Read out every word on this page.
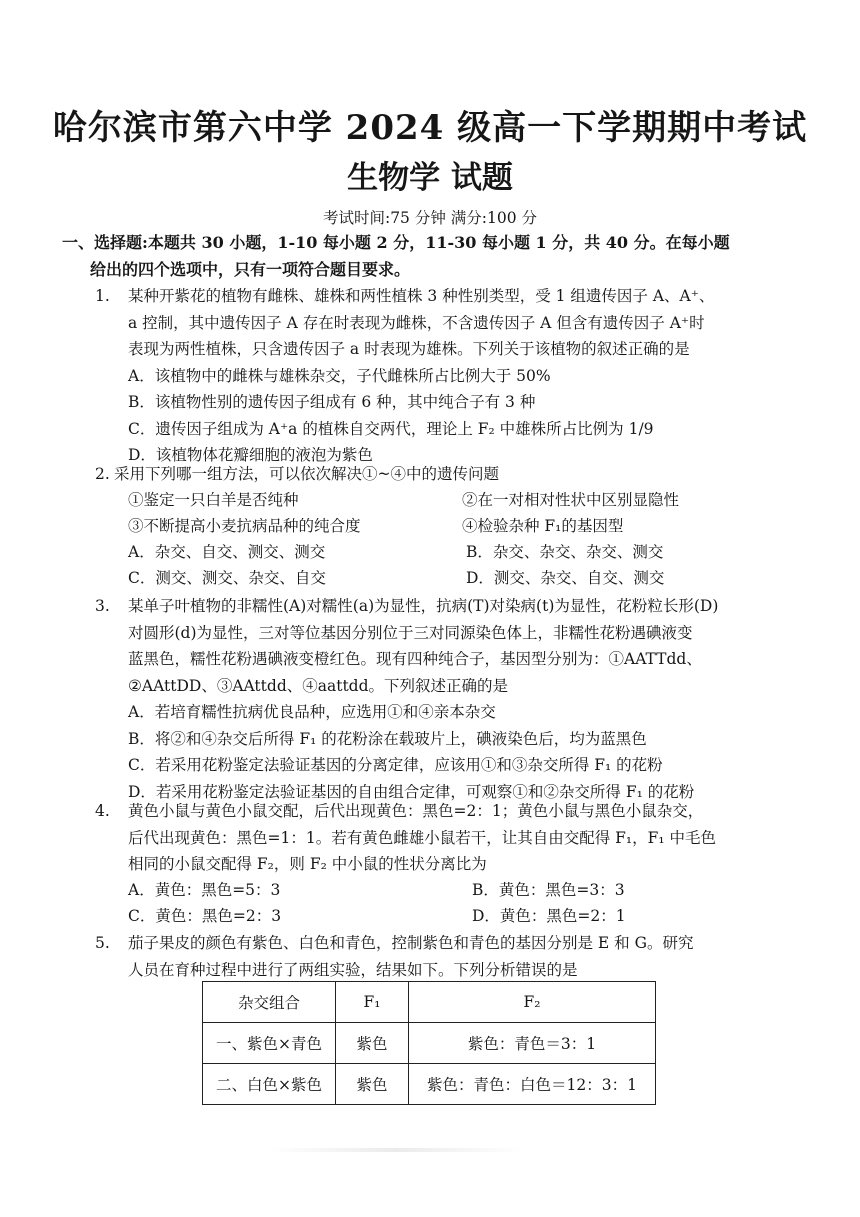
哈尔滨市第六中学 2024 级高一下学期期中考试
生物学 试题
考试时间:75 分钟 满分:100 分
一、选择题:本题共 30 小题，1-10 每小题 2 分，11-30 每小题 1 分，共 40 分。在每小题
给出的四个选项中，只有一项符合题目要求。
1. 某种开紫花的植物有雌株、雄株和两性植株 3 种性别类型，受 1 组遗传因子 A、A⁺、
a 控制，其中遗传因子 A 存在时表现为雌株，不含遗传因子 A 但含有遗传因子 A⁺时
表现为两性植株，只含遗传因子 a 时表现为雄株。下列关于该植物的叙述正确的是
A．该植物中的雌株与雄株杂交，子代雌株所占比例大于 50%
B．该植物性别的遗传因子组成有 6 种，其中纯合子有 3 种
C．遗传因子组成为 A⁺a 的植株自交两代，理论上 F₂ 中雄株所占比例为 1/9
D．该植物体花瓣细胞的液泡为紫色
2. 采用下列哪一组方法，可以依次解决①~④中的遗传问题
①鉴定一只白羊是否纯种	②在一对相对性状中区别显隐性
③不断提高小麦抗病品种的纯合度	④检验杂种 F₁的基因型
A．杂交、自交、测交、测交	B．杂交、杂交、杂交、测交
C．测交、测交、杂交、自交	D．测交、杂交、自交、测交
3. 某单子叶植物的非糯性(A)对糯性(a)为显性，抗病(T)对染病(t)为显性，花粉粒长形(D)
对圆形(d)为显性，三对等位基因分别位于三对同源染色体上，非糯性花粉遇碘液变
蓝黑色，糯性花粉遇碘液变橙红色。现有四种纯合子，基因型分别为：①AATTdd、
②AAttDD、③AAttdd、④aattdd。下列叙述正确的是
A．若培育糯性抗病优良品种，应选用①和④亲本杂交
B．将②和④杂交后所得 F₁ 的花粉涂在载玻片上，碘液染色后，均为蓝黑色
C．若采用花粉鉴定法验证基因的分离定律，应该用①和③杂交所得 F₁ 的花粉
D．若采用花粉鉴定法验证基因的自由组合定律，可观察①和②杂交所得 F₁ 的花粉
4. 黄色小鼠与黄色小鼠交配，后代出现黄色：黑色=2：1；黄色小鼠与黑色小鼠杂交，
后代出现黄色：黑色=1：1。若有黄色雌雄小鼠若干，让其自由交配得 F₁，F₁ 中毛色
相同的小鼠交配得 F₂，则 F₂ 中小鼠的性状分离比为
A．黄色：黑色=5：3	B．黄色：黑色=3：3
C．黄色：黑色=2：3	D．黄色：黑色=2：1
5. 茄子果皮的颜色有紫色、白色和青色，控制紫色和青色的基因分别是 E 和 G。研究
人员在育种过程中进行了两组实验，结果如下。下列分析错误的是
杂交组合	F₁	F₂
一、紫色×青色	紫色	紫色：青色＝3：1
二、白色×紫色	紫色	紫色：青色：白色＝12：3：1
